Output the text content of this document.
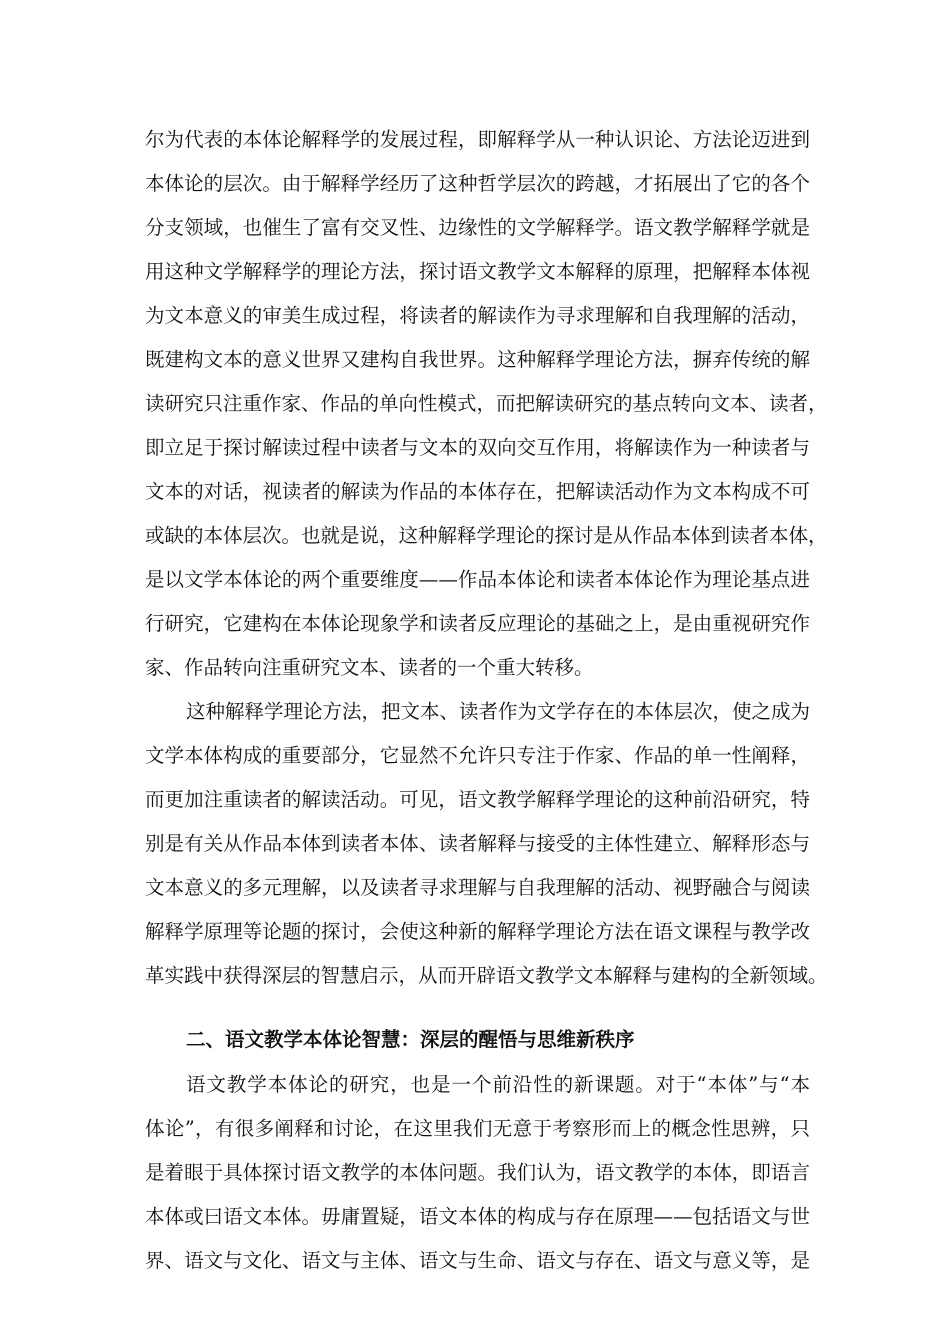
尔为代表的本体论解释学的发展过程，即解释学从一种认识论、方法论迈进到
本体论的层次。由于解释学经历了这种哲学层次的跨越，才拓展出了它的各个
分支领域，也催生了富有交叉性、边缘性的文学解释学。语文教学解释学就是
用这种文学解释学的理论方法，探讨语文教学文本解释的原理，把解释本体视
为文本意义的审美生成过程，将读者的解读作为寻求理解和自我理解的活动，
既建构文本的意义世界又建构自我世界。这种解释学理论方法，摒弃传统的解
读研究只注重作家、作品的单向性模式，而把解读研究的基点转向文本、读者，
即立足于探讨解读过程中读者与文本的双向交互作用，将解读作为一种读者与
文本的对话，视读者的解读为作品的本体存在，把解读活动作为文本构成不可
或缺的本体层次。也就是说，这种解释学理论的探讨是从作品本体到读者本体，
是以文学本体论的两个重要维度——作品本体论和读者本体论作为理论基点进
行研究，它建构在本体论现象学和读者反应理论的基础之上，是由重视研究作
家、作品转向注重研究文本、读者的一个重大转移。
这种解释学理论方法，把文本、读者作为文学存在的本体层次，使之成为
文学本体构成的重要部分，它显然不允许只专注于作家、作品的单一性阐释，
而更加注重读者的解读活动。可见，语文教学解释学理论的这种前沿研究，特
别是有关从作品本体到读者本体、读者解释与接受的主体性建立、解释形态与
文本意义的多元理解，以及读者寻求理解与自我理解的活动、视野融合与阅读
解释学原理等论题的探讨，会使这种新的解释学理论方法在语文课程与教学改
革实践中获得深层的智慧启示，从而开辟语文教学文本解释与建构的全新领域。
二、语文教学本体论智慧：深层的醒悟与思维新秩序
语文教学本体论的研究，也是一个前沿性的新课题。对于“本体”与“本
体论”，有很多阐释和讨论，在这里我们无意于考察形而上的概念性思辨，只
是着眼于具体探讨语文教学的本体问题。我们认为，语文教学的本体，即语言
本体或曰语文本体。毋庸置疑，语文本体的构成与存在原理——包括语文与世
界、语文与文化、语文与主体、语文与生命、语文与存在、语文与意义等，是
